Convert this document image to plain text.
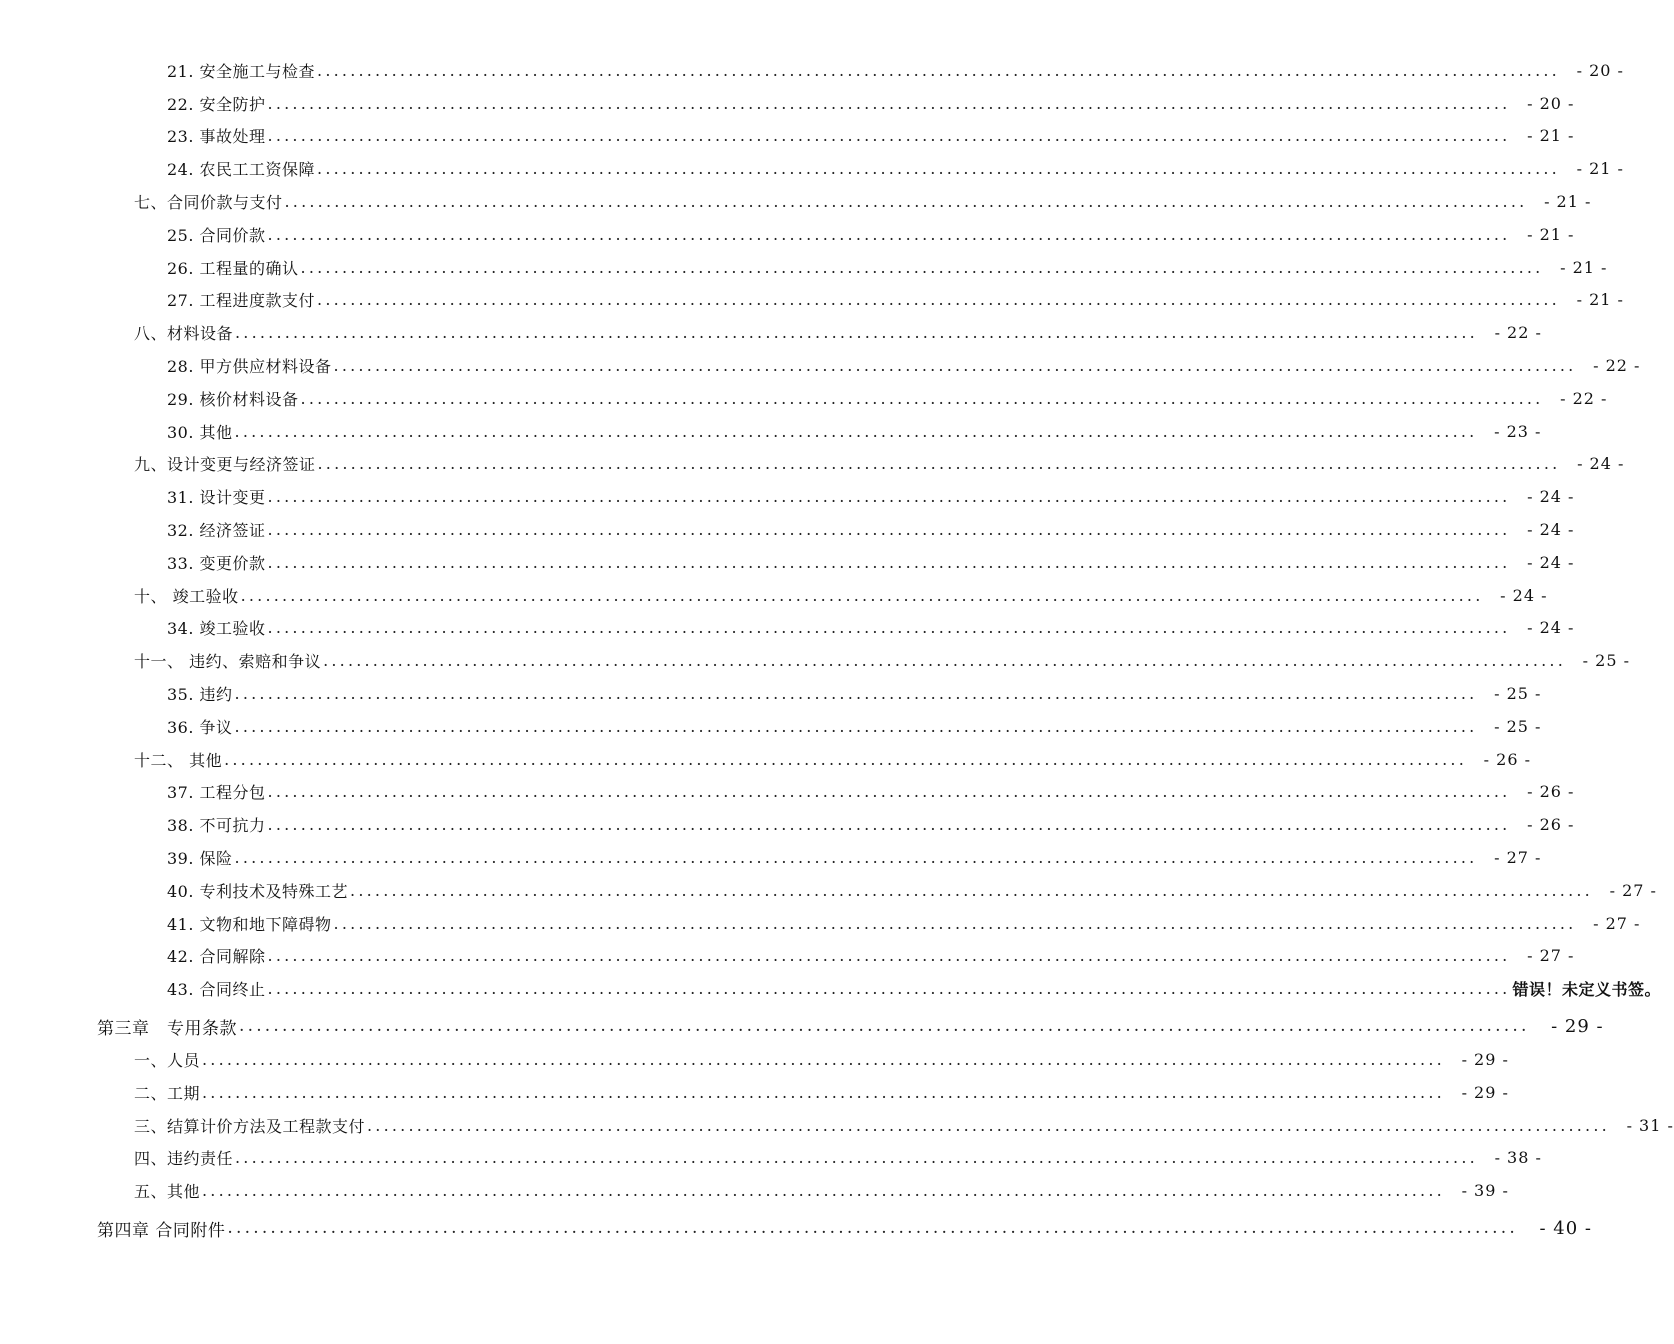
21. 安全施工与检查 ......................................................................................................................................................	- 20 -
22. 安全防护 ......................................................................................................................................................	- 20 -
23. 事故处理 ......................................................................................................................................................	- 21 -
24. 农民工工资保障 ......................................................................................................................................................	- 21 -
七、合同价款与支付 ......................................................................................................................................................	- 21 -
25. 合同价款 ......................................................................................................................................................	- 21 -
26. 工程量的确认 ......................................................................................................................................................	- 21 -
27. 工程进度款支付 ......................................................................................................................................................	- 21 -
八、材料设备 ......................................................................................................................................................	- 22 -
28. 甲方供应材料设备 ......................................................................................................................................................	- 22 -
29. 核价材料设备 ......................................................................................................................................................	- 22 -
30. 其他 ......................................................................................................................................................	- 23 -
九、设计变更与经济签证 ......................................................................................................................................................	- 24 -
31. 设计变更 ......................................................................................................................................................	- 24 -
32. 经济签证 ......................................................................................................................................................	- 24 -
33. 变更价款 ......................................................................................................................................................	- 24 -
十、 竣工验收 ......................................................................................................................................................	- 24 -
34. 竣工验收 ......................................................................................................................................................	- 24 -
十一、 违约、索赔和争议 ......................................................................................................................................................	- 25 -
35. 违约 ......................................................................................................................................................	- 25 -
36. 争议 ......................................................................................................................................................	- 25 -
十二、 其他 ......................................................................................................................................................	- 26 -
37. 工程分包 ......................................................................................................................................................	- 26 -
38. 不可抗力 ......................................................................................................................................................	- 26 -
39. 保险 ......................................................................................................................................................	- 27 -
40. 专利技术及特殊工艺 ......................................................................................................................................................	- 27 -
41. 文物和地下障碍物 ......................................................................................................................................................	- 27 -
42. 合同解除 ......................................................................................................................................................	- 27 -
43. 合同终止 ...................................................................................................................................................... 错误！未定义书签。
第三章　专用条款 ......................................................................................................................................................	- 29 -
一、人员 ......................................................................................................................................................	- 29 -
二、工期 ......................................................................................................................................................	- 29 -
三、结算计价方法及工程款支付 ......................................................................................................................................................	- 31 -
四、违约责任 ......................................................................................................................................................	- 38 -
五、其他 ......................................................................................................................................................	- 39 -
第四章 合同附件 ......................................................................................................................................................	- 40 -
